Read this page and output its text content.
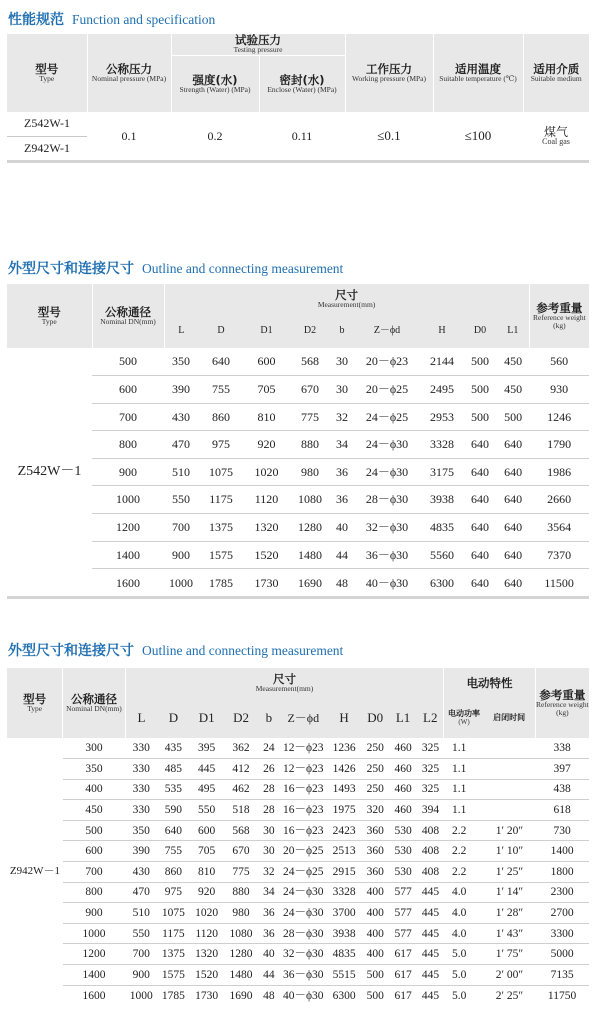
性能规范 Function and specification
型号
Type	公称压力
Nominal pressure (MPa)	试验压力
Testing pressure		工作压力
Working pressure (MPa)	适用温度
Suitable temperature (℃)	适用介质
Suitable medium

		强度(水)
Strength (Water) (MPa)	密封(水)
Enclose (Water) (MPa)			

Z542W-1	0.1	0.2	0.11	≤0.1	≤100	煤气
Coal gas

Z942W-1						

外型尺寸和连接尺寸 Outline and connecting measurement
型号
Type	公称通径
Nominal DN(mm)	尺寸
Measurement(mm)									参考重量
Reference weight (kg)

		L	D	D1	D2	b	Z－ϕd	H	D0	L1	
Z542W－1	500	350	640	600	568	30	20－ϕ23	2144	500	450	560
	600	390	755	705	670	30	20－ϕ25	2495	500	450	930
	700	430	860	810	775	32	24－ϕ25	2953	500	500	1246
	800	470	975	920	880	34	24－ϕ30	3328	640	640	1790
	900	510	1075	1020	980	36	24－ϕ30	3175	640	640	1986
	1000	550	1175	1120	1080	36	28－ϕ30	3938	640	640	2660
	1200	700	1375	1320	1280	40	32－ϕ30	4835	640	640	3564
	1400	900	1575	1520	1480	44	36－ϕ30	5560	640	640	7370
	1600	1000	1785	1730	1690	48	40－ϕ30	6300	640	640	11500

外型尺寸和连接尺寸 Outline and connecting measurement
型号
Type	公称通径
Nominal DN(mm)	尺寸
Measurement(mm)										电动特性		参考重量
Reference weight (kg)

		L	D	D1	D2	b	Z－ϕd	H	D0	L1	L2	电动功率
(W)	启闭时间	

Z942W－1	300	330	435	395	362	24	12－ϕ23	1236	250	460	325	1.1		338
	350	330	485	445	412	26	12－ϕ23	1426	250	460	325	1.1		397
	400	330	535	495	462	28	16－ϕ23	1493	250	460	325	1.1		438
	450	330	590	550	518	28	16－ϕ23	1975	320	460	394	1.1		618
	500	350	640	600	568	30	16－ϕ23	2423	360	530	408	2.2	1′ 20″	730
	600	390	755	705	670	30	20－ϕ25	2513	360	530	408	2.2	1′ 10″	1400
	700	430	860	810	775	32	24－ϕ25	2915	360	530	408	2.2	1′ 25″	1800
	800	470	975	920	880	34	24－ϕ30	3328	400	577	445	4.0	1′ 14″	2300
	900	510	1075	1020	980	36	24－ϕ30	3700	400	577	445	4.0	1′ 28″	2700
	1000	550	1175	1120	1080	36	28－ϕ30	3938	400	577	445	4.0	1′ 43″	3300
	1200	700	1375	1320	1280	40	32－ϕ30	4835	400	617	445	5.0	1′ 75″	5000
	1400	900	1575	1520	1480	44	36－ϕ30	5515	500	617	445	5.0	2′ 00″	7135
	1600	1000	1785	1730	1690	48	40－ϕ30	6300	500	617	445	5.0	2′ 25″	11750
